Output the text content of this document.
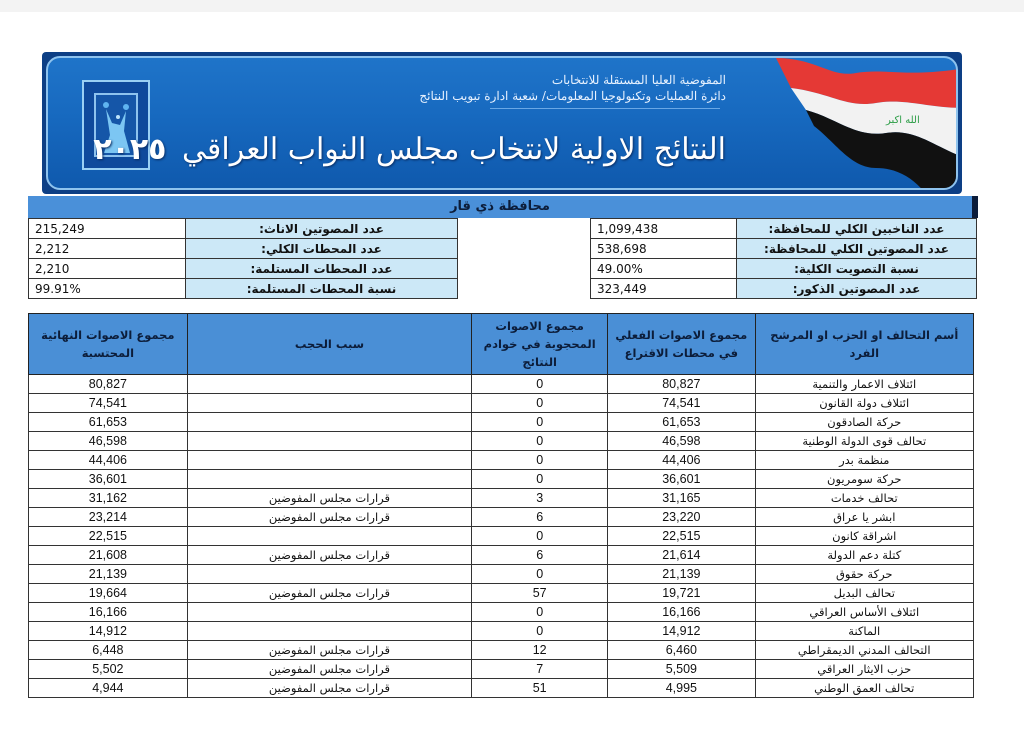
الله اكبر
المفوضية العليا المستقلة للانتخابات
دائرة العمليات وتكنولوجيا المعلومات/ شعبة ادارة تبويب النتائج
النتائج الاولية لانتخاب مجلس النواب العراقي ٢٠٢٥
محافظة ذي قار
عدد الناخبين الكلي للمحافظة:	1,099,438
عدد المصوتين الكلي للمحافظة:	538,698
نسبة التصويت الكلية:	49.00%
عدد المصوتين الذكور:	323,449
عدد المصوتين الاناث:	215,249
عدد المحطات الكلي:	2,212
عدد المحطات المستلمة:	2,210
نسبة المحطات المستلمة:	99.91%
أسم التحالف او الحزب او المرشح الفرد	مجموع الاصوات الفعلي في محطات الاقتراع	مجموع الاصوات المحجوبة في خوادم النتائج	سبب الحجب	مجموع الاصوات النهائية المحتسبة
ائتلاف الاعمار والتنمية	80,827	0		80,827
ائتلاف دولة القانون	74,541	0		74,541
حركة الصادقون	61,653	0		61,653
تحالف قوى الدولة الوطنية	46,598	0		46,598
منظمة بدر	44,406	0		44,406
حركة سومريون	36,601	0		36,601
تحالف خدمات	31,165	3	قرارات مجلس المفوضين	31,162
ابشر يا عراق	23,220	6	قرارات مجلس المفوضين	23,214
اشراقة كانون	22,515	0		22,515
كتلة دعم الدولة	21,614	6	قرارات مجلس المفوضين	21,608
حركة حقوق	21,139	0		21,139
تحالف البديل	19,721	57	قرارات مجلس المفوضين	19,664
ائتلاف الأساس العراقي	16,166	0		16,166
الماكنة	14,912	0		14,912
التحالف المدني الديمقراطي	6,460	12	قرارات مجلس المفوضين	6,448
حزب الايثار العراقي	5,509	7	قرارات مجلس المفوضين	5,502
تحالف العمق الوطني	4,995	51	قرارات مجلس المفوضين	4,944
